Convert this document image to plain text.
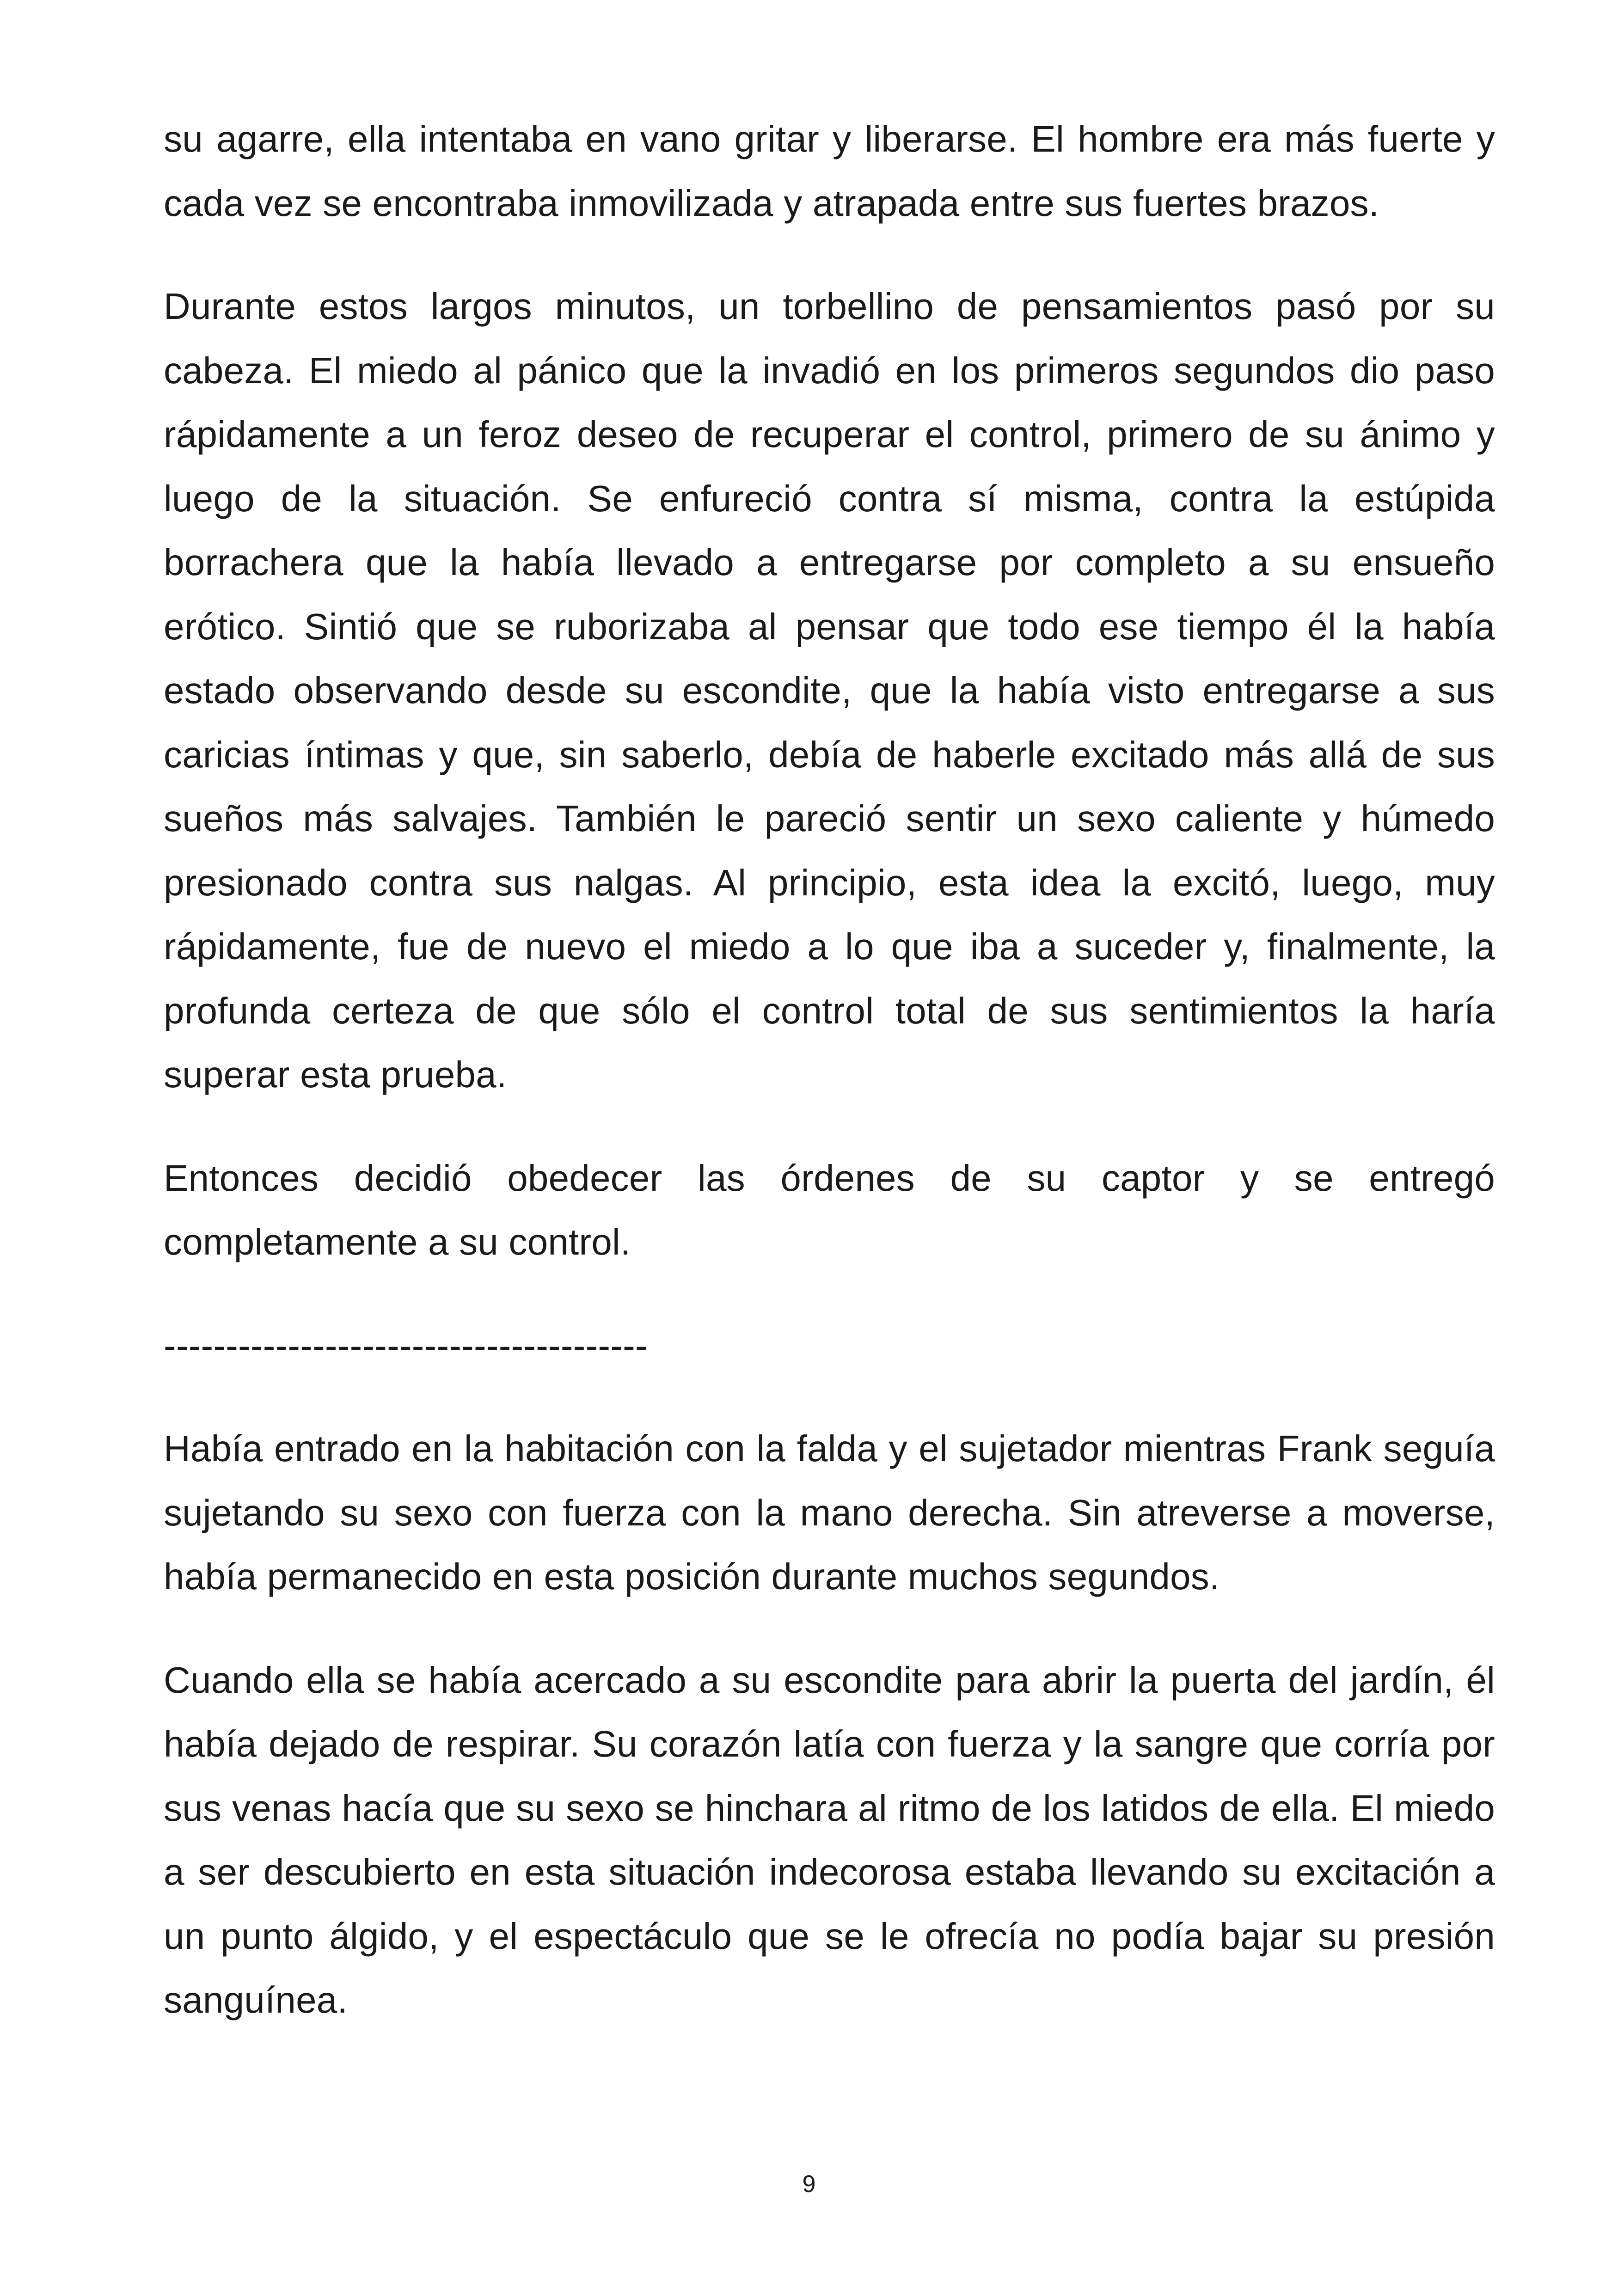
su agarre, ella intentaba en vano gritar y liberarse. El hombre era más fuerte y cada vez se encontraba inmovilizada y atrapada entre sus fuertes brazos.

Durante estos largos minutos, un torbellino de pensamientos pasó por su cabeza. El miedo al pánico que la invadió en los primeros segundos dio paso rápidamente a un feroz deseo de recuperar el control, primero de su ánimo y luego de la situación. Se enfureció contra sí misma, contra la estúpida borrachera que la había llevado a entregarse por completo a su ensueño erótico. Sintió que se ruborizaba al pensar que todo ese tiempo él la había estado observando desde su escondite, que la había visto entregarse a sus caricias íntimas y que, sin saberlo, debía de haberle excitado más allá de sus sueños más salvajes. También le pareció sentir un sexo caliente y húmedo presionado contra sus nalgas. Al principio, esta idea la excitó, luego, muy rápidamente, fue de nuevo el miedo a lo que iba a suceder y, finalmente, la profunda certeza de que sólo el control total de sus sentimientos la haría superar esta prueba.

Entonces decidió obedecer las órdenes de su captor y se entregó completamente a su control.

---------------------------------------

Había entrado en la habitación con la falda y el sujetador mientras Frank seguía sujetando su sexo con fuerza con la mano derecha. Sin atreverse a moverse, había permanecido en esta posición durante muchos segundos.

Cuando ella se había acercado a su escondite para abrir la puerta del jardín, él había dejado de respirar. Su corazón latía con fuerza y la sangre que corría por sus venas hacía que su sexo se hinchara al ritmo de los latidos de ella. El miedo a ser descubierto en esta situación indecorosa estaba llevando su excitación a un punto álgido, y el espectáculo que se le ofrecía no podía bajar su presión sanguínea.

9
